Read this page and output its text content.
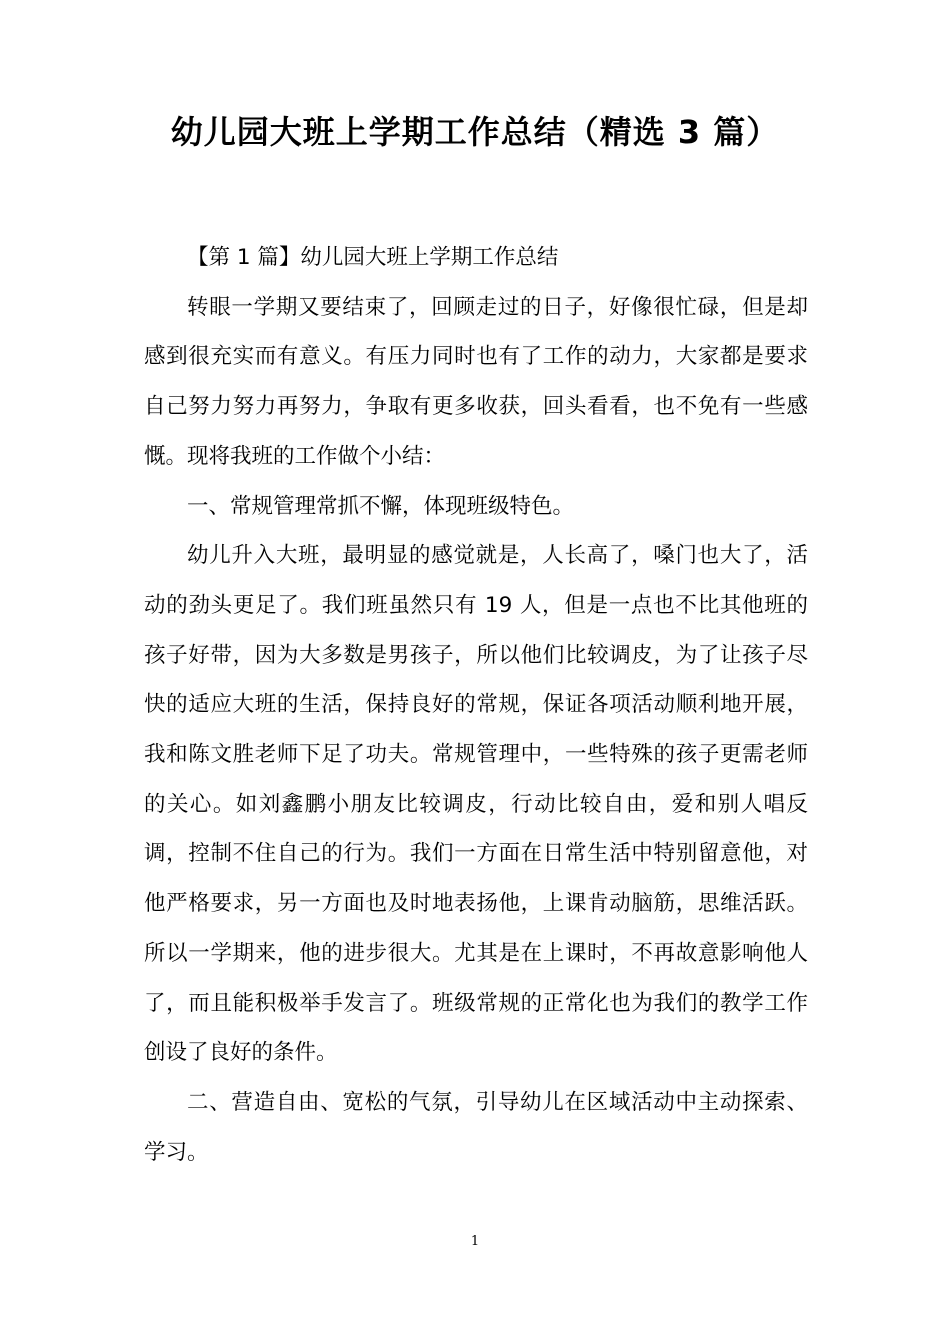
幼儿园大班上学期工作总结（精选 3 篇）

【第 1 篇】幼儿园大班上学期工作总结

转眼一学期又要结束了，回顾走过的日子，好像很忙碌，但是却感到很充实而有意义。有压力同时也有了工作的动力，大家都是要求自己努力努力再努力，争取有更多收获，回头看看，也不免有一些感慨。现将我班的工作做个小结：

一、常规管理常抓不懈，体现班级特色。

幼儿升入大班，最明显的感觉就是，人长高了，嗓门也大了，活动的劲头更足了。我们班虽然只有 19 人，但是一点也不比其他班的孩子好带，因为大多数是男孩子，所以他们比较调皮，为了让孩子尽快的适应大班的生活，保持良好的常规，保证各项活动顺利地开展，我和陈文胜老师下足了功夫。常规管理中，一些特殊的孩子更需老师的关心。如刘鑫鹏小朋友比较调皮，行动比较自由，爱和别人唱反调，控制不住自己的行为。我们一方面在日常生活中特别留意他，对他严格要求，另一方面也及时地表扬他，上课肯动脑筋，思维活跃。所以一学期来，他的进步很大。尤其是在上课时，不再故意影响他人了，而且能积极举手发言了。班级常规的正常化也为我们的教学工作创设了良好的条件。

二、营造自由、宽松的气氛，引导幼儿在区域活动中主动探索、学习。

1
